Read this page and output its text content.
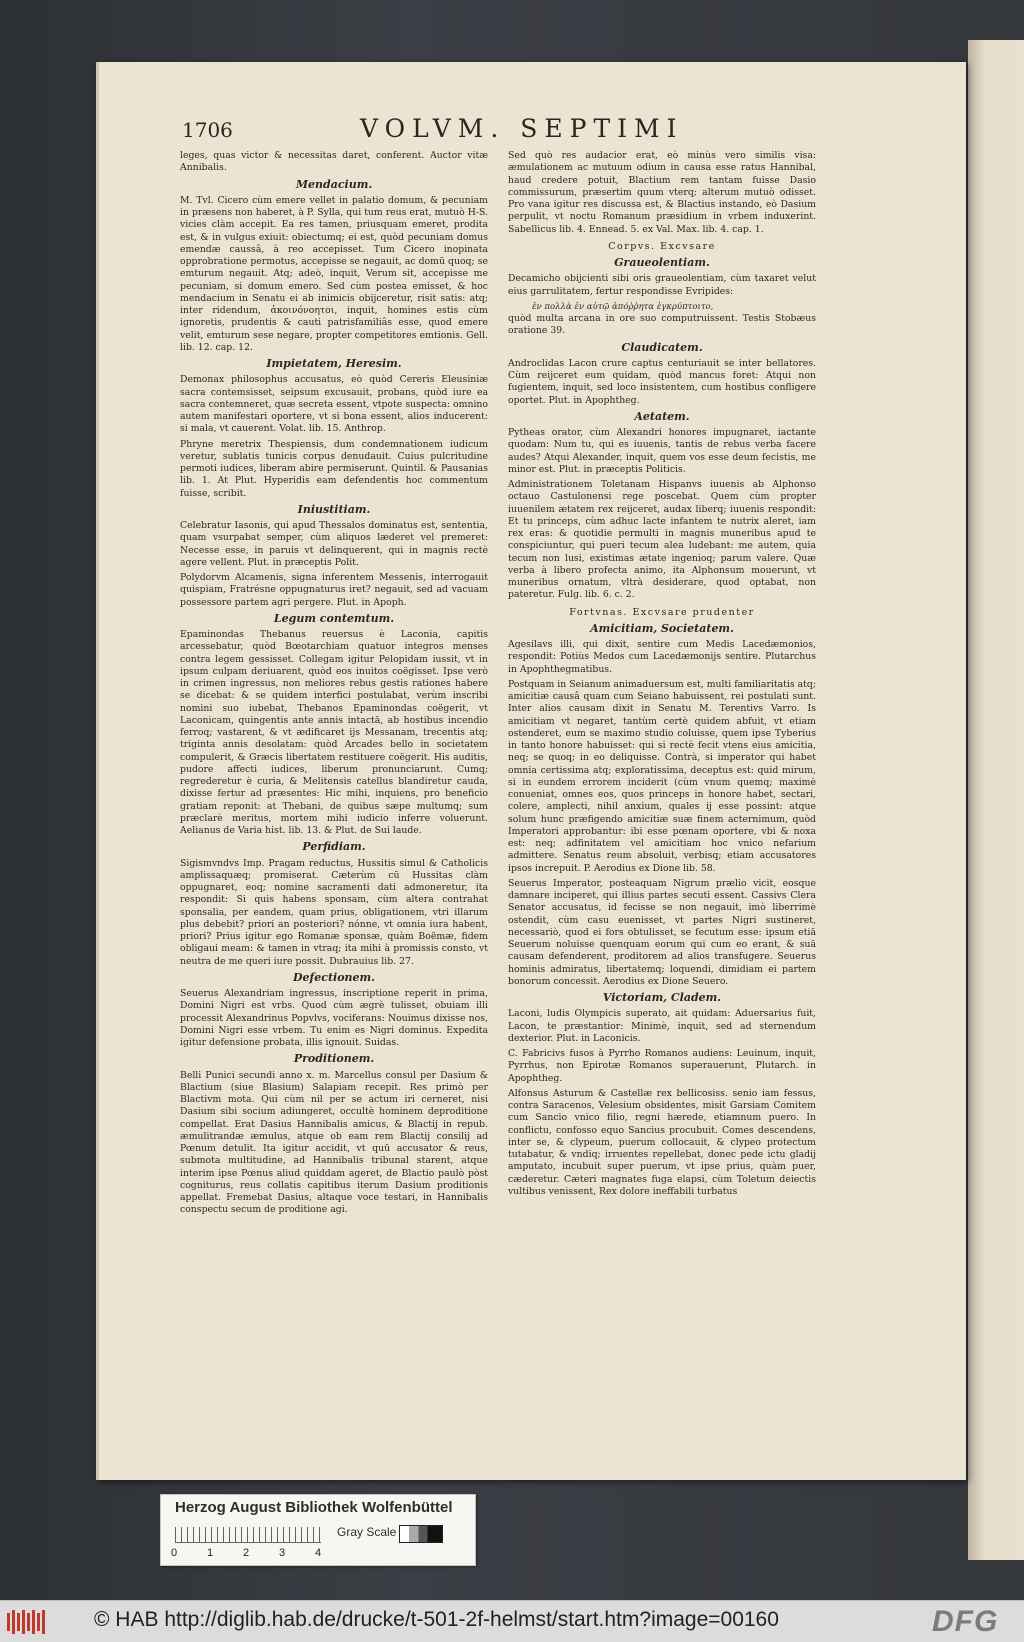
1706	VOLVM. SEPTIMI
leges, quas victor & necessitas daret, conferent. Auctor vitæ Annibalis.
Mendacium.
M. Tvl. Cicero cùm emere vellet in palatio domum, & pecuniam in præsens non haberet, à P. Sylla, qui tum reus erat, mutuò H-S. vicies clàm accepit. Ea res tamen, priusquam emeret, prodita est, & in vulgus exiuit: obiectumq; ei est, quòd pecuniam domus emendæ caussâ, à reo accepisset. Tum Cicero inopinata opprobratione permotus, accepisse se negauit, ac domū quoq; se emturum negauit. Atq; adeò, inquit, Verum sit, accepisse me pecuniam, si domum emero. Sed cùm postea emisset, & hoc mendacium in Senatu ei ab inimicis obijceretur, risit satis: atq; inter ridendum, ἀκοινόνοητοι, inquit, homines estis cùm ignoretis, prudentis & cauti patrisfamiliâs esse, quod emere velit, emturum sese negare, propter competitores emtionis. Gell. lib. 12. cap. 12.
Impietatem, Heresim.
Demonax philosophus accusatus, eò quòd Cereris Eleusiniæ sacra contemsisset, seipsum excusauit, probans, quòd iure ea sacra contemneret, quæ secreta essent, vtpote suspecta: omnino autem manifestari oportere, vt si bona essent, alios inducerent: si mala, vt cauerent. Volat. lib. 15. Anthrop.
Phryne meretrix Thespiensis, dum condemnationem iudicum veretur, sublatis tunicis corpus denudauit. Cuius pulcritudine permoti iudices, liberam abire permiserunt. Quintil. & Pausanias lib. 1. At Plut. Hyperidis eam defendentis hoc commentum fuisse, scribit.
Iniustitiam.
Celebratur Iasonis, qui apud Thessalos dominatus est, sententia, quam vsurpabat semper, cùm aliquos læderet vel premeret: Necesse esse, in paruis vt delinquerent, qui in magnis rectè agere vellent. Plut. in præceptis Polit.
Polydorvm Alcamenis, signa inferentem Messenis, interrogauit quispiam, Fratrésne oppugnaturus iret? negauit, sed ad vacuam possessore partem agri pergere. Plut. in Apoph.
Legum contemtum.
Epaminondas Thebanus reuersus è Laconia, capitis arcessebatur, quòd Bœotarchiam quatuor integros menses contra legem gessisset. Collegam igitur Pelopidam iussit, vt in ipsum culpam deriuarent, quòd eos inuitos coëgisset. Ipse verò in crimen ingressus, non meliores rebus gestis rationes habere se dicebat: & se quidem interfici postulabat, verùm inscribi nomini suo iubebat, Thebanos Epaminondas coëgerit, vt Laconicam, quingentis ante annis intactā, ab hostibus incendio ferroq; vastarent, & vt ædificaret ijs Messanam, trecentis atq; triginta annis desolatam: quòd Arcades bello in societatem compulerit, & Græcis libertatem restituere coëgerit. His auditis, pudore affecti iudices, liberum pronunciarunt. Cumq; regrederetur è curia, & Melitensis catellus blandiretur cauda, dixisse fertur ad præsentes: Hic mihi, inquiens, pro beneficio gratiam reponit: at Thebani, de quibus sæpe multumq; sum præclarè meritus, mortem mihi iudicio inferre voluerunt. Aelianus de Varia hist. lib. 13. & Plut. de Sui laude.
Perfidiam.
Sigismvndvs Imp. Pragam reductus, Hussitis simul & Catholicis amplissaquæq; promiserat. Cæterùm cū Hussitas clàm oppugnaret, eoq; nomine sacramenti dati admoneretur, ita respondit: Si quis habens sponsam, cùm altera contrahat sponsalia, per eandem, quam prius, obligationem, vtri illarum plus debebit? priori an posteriori? nónne, vt omnia iura habent, priori? Prius igitur ego Romanæ sponsæ, quàm Boëmæ, fidem obligaui meam: & tamen in vtraq; ita mihi à promissis consto, vt neutra de me queri iure possit. Dubrauius lib. 27.
Defectionem.
Seuerus Alexandriam ingressus, inscriptione reperit in prima, Domini Nigri est vrbs. Quod cùm ægrè tulisset, obuiam illi processit Alexandrinus Popvlvs, vociferans: Nouimus dixisse nos, Domini Nigri esse vrbem. Tu enim es Nigri dominus. Expedita igitur defensione probata, illis ignouit. Suidas.
Proditionem.
Belli Punici secundi anno x. m. Marcellus consul per Dasium & Blactium (siue Blasium) Salapiam recepit. Res primò per Blactivm mota. Qui cùm nil per se actum iri cerneret, nisi Dasium sibi socium adiungeret, occultè hominem deproditione compellat. Erat Dasius Hannibalis amicus, & Blactij in repub. æmulitrandæ æmulus, atque ob eam rem Blactij consilij ad Pœnum detulit. Ita igitur accidit, vt quū accusator & reus, submota multitudine, ad Hannibalis tribunal starent, atque interim ipse Pœnus aliud quiddam ageret, de Blactio paulò pòst cogniturus, reus collatis capitibus iterum Dasium proditionis appellat. Fremebat Dasius, altaque voce testari, in Hannibalis conspectu secum de proditione agi.
Sed quò res audacior erat, eò minùs vero similis visa: æmulationem ac mutuum odium in causa esse ratus Hannibal, haud credere potuit, Blactium rem tantam fuisse Dasio commissurum, præsertim quum vterq; alterum mutuò odisset. Pro vana igitur res discussa est, & Blactius instando, eò Dasium perpulit, vt noctu Romanum præsidium in vrbem induxerint. Sabellicus lib. 4. Ennead. 5. ex Val. Max. lib. 4. cap. 1.
Corpvs. Excvsare
Graueolentiam.
Decamicho obijcienti sibi oris graueolentiam, cùm taxaret velut eius garrulitatem, fertur respondisse Evripides:
ἐν πολλὰ ἐν αὐτῷ ἀπόῤῥητα ἐγκρύπτοιτο,
quòd multa arcana in ore suo computruissent. Testis Stobæus oratione 39.
Claudicatem.
Androclidas Lacon crure captus centuriauit se inter bellatores. Cùm reijceret eum quidam, quòd mancus foret: Atqui non fugientem, inquit, sed loco insistentem, cum hostibus confligere oportet. Plut. in Apophtheg.
Aetatem.
Pytheas orator, cùm Alexandri honores impugnaret, iactante quodam: Num tu, qui es iuuenis, tantis de rebus verba facere audes? Atqui Alexander, inquit, quem vos esse deum fecistis, me minor est. Plut. in præceptis Politicis.
Administrationem Toletanam Hispanvs iuuenis ab Alphonso octauo Castulonensi rege poscebat. Quem cùm propter iuuenilem ætatem rex reijceret, audax liberq; iuuenis respondit: Et tu princeps, cùm adhuc lacte infantem te nutrix aleret, iam rex eras: & quotidie permulti in magnis muneribus apud te conspiciuntur, qui pueri tecum alea ludebant: me autem, quia tecum non lusi, existimas ætate ingenioq; parum valere. Quæ verba à libero profecta animo, ita Alphonsum mouerunt, vt muneribus ornatum, vltrà desiderare, quod optabat, non pateretur. Fulg. lib. 6. c. 2.
Fortvnas. Excvsare prudenter
Amicitiam, Societatem.
Agesilavs illi, qui dixit, sentire cum Medis Lacedæmonios, respondit: Potiùs Medos cum Lacedæmonijs sentire. Plutarchus in Apophthegmatibus.
Postquam in Seianum animaduersum est, multi familiaritatis atq; amicitiæ causâ quam cum Seiano habuissent, rei postulati sunt. Inter alios causam dixit in Senatu M. Terentivs Varro. Is amicitiam vt negaret, tantùm certè quidem abfuit, vt etiam ostenderet, eum se maximo studio coluisse, quem ipse Tyberius in tanto honore habuisset: qui si rectè fecit vtens eius amicitia, neq; se quoq; in eo deliquisse. Contrà, si imperator qui habet omnia certissima atq; exploratissima, deceptus est: quid mirum, si in eundem errorem inciderit (cùm vnum quemq; maximè conueniat, omnes eos, quos princeps in honore habet, sectari, colere, amplecti, nihil anxium, quales ij esse possint: atque solum hunc præfigendo amicitiæ suæ finem acternimum, quòd Imperatori approbantur: ibi esse pœnam oportere, vbi & noxa est: neq; adfinitatem vel amicitiam hoc vnico nefarium admittere. Senatus reum absoluit, verbisq; etiam accusatores ipsos increpuit. P. Aerodius ex Dione lib. 58.
Seuerus Imperator, posteaquam Nigrum prælio vicit, eosque damnare inciperet, qui illius partes secuti essent. Cassivs Clera Senator accusatus, id fecisse se non negauit, imò liberrimè ostendit, cùm casu euenisset, vt partes Nigri sustineret, necessariò, quod ei fors obtulisset, se fecutum esse: ipsum etiā Seuerum noluisse quenquam eorum qui cum eo erant, & suā causam defenderent, proditorem ad alios transfugere. Seuerus hominis admiratus, libertatemq; loquendi, dimidiam ei partem bonorum concessit. Aerodius ex Dione Seuero.
Victoriam, Cladem.
Laconi, ludis Olympicis superato, ait quidam: Aduersarius fuit, Lacon, te præstantior: Minimè, inquit, sed ad sternendum dexterior. Plut. in Laconicis.
C. Fabricivs fusos à Pyrrho Romanos audiens: Leuinum, inquit, Pyrrhus, non Epirotæ Romanos superauerunt, Plutarch. in Apophtheg.
Alfonsus Asturum & Castellæ rex bellicosiss. senio iam fessus, contra Saracenos, Velesium obsidentes, misit Garsiam Comitem cum Sancio vnico filio, regni hærede, etiamnum puero. In conflictu, confosso equo Sancius procubuit. Comes descendens, inter se, & clypeum, puerum collocauit, & clypeo protectum tutabatur, & vndiq; irruentes repellebat, donec pede ictu gladij amputato, incubuit super puerum, vt ipse prius, quàm puer, cæderetur. Cæteri magnates fuga elapsi, cùm Toletum deiectis vultibus venissent, Rex dolore ineffabili turbatus
Herzog August Bibliothek Wolfenbüttel
0	1	2	3	4
Gray Scale
© HAB http://diglib.hab.de/drucke/t-501-2f-helmst/start.htm?image=00160	DFG
